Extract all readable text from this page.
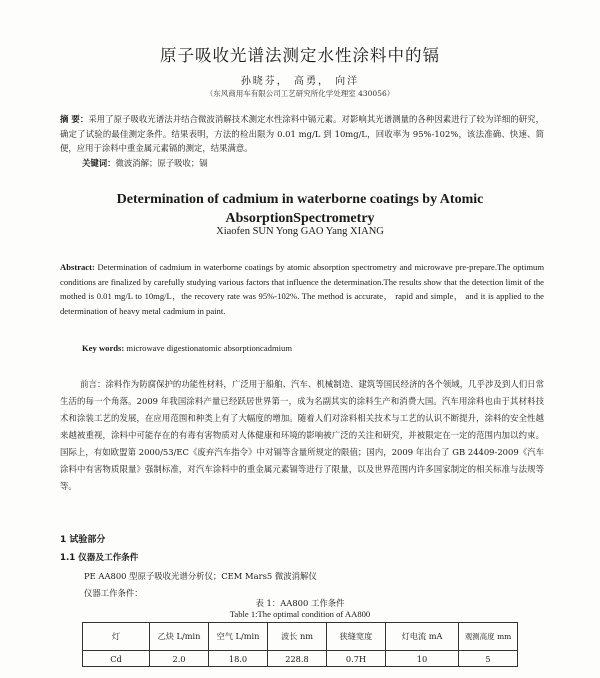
原子吸收光谱法测定水性涂料中的镉
孙晓芬， 高勇， 向洋
（东风商用车有限公司工艺研究所化学处理室 430056）
摘 要：采用了原子吸收光谱法并结合微波消解技术测定水性涂料中镉元素。对影响其光谱测量的各种因素进行了较为详细的研究，确定了试验的最佳测定条件。结果表明，方法的检出限为 0.01 mg/L 到 10mg/L，回收率为 95%-102%，该法准确、快速、简便，应用于涂料中重金属元素镉的测定，结果满意。
关键词：微波消解；原子吸收；镉
Determination of cadmium in waterborne coatings by Atomic AbsorptionSpectrometry
Xiaofen SUN Yong GAO Yang XIANG
Abstract: Determination of cadmium in waterborne coatings by atomic absorption spectrometry and microwave pre-prepare.The optimum conditions are finalized by carefully studying various factors that influence the determination.The results show that the detection limit of the mothed is 0.01 mg/L to 10mg/L，the recovery rate was 95%-102%. The method is accurate， rapid and simple， and it is applied to the determination of heavy metal cadmium in paint.
Key words: microwave digestionatomic absorptioncadmium

前言：涂料作为防腐保护的功能性材料，广泛用于船舶、汽车、机械制造、建筑等国民经济的各个领域，几乎涉及到人们日常生活的每一个角落。2009 年我国涂料产量已经跃居世界第一，成为名副其实的涂料生产和消费大国。汽车用涂料也由于其材料技术和涂装工艺的发展，在应用范围和种类上有了大幅度的增加。随着人们对涂料相关技术与工艺的认识不断提升，涂料的安全性越来越被重视，涂料中可能存在的有毒有害物质对人体健康和环境的影响被广泛的关注和研究，并被限定在一定的范围内加以约束。国际上，有如欧盟第 2000/53/EC《废弃汽车指令》中对镉等含量所规定的限值；国内，2009 年出台了 GB 24409-2009《汽车涂料中有害物质限量》强制标准，对汽车涂料中的重金属元素镉等进行了限量，以及世界范围内许多国家制定的相关标准与法规等等。

1 试验部分
1.1 仪器及工作条件
PE AA800 型原子吸收光谱分析仪；CEM Mars5 微波消解仪
仪器工作条件：
表 1：AA800 工作条件
Table 1:The optimal condition of AA800
灯	乙炔 L/min	空气 L/min	波长 nm	狭缝宽度	灯电流 mA	观测高度 mm

Cd	2.0	18.0	228.8	0.7H	10	5
